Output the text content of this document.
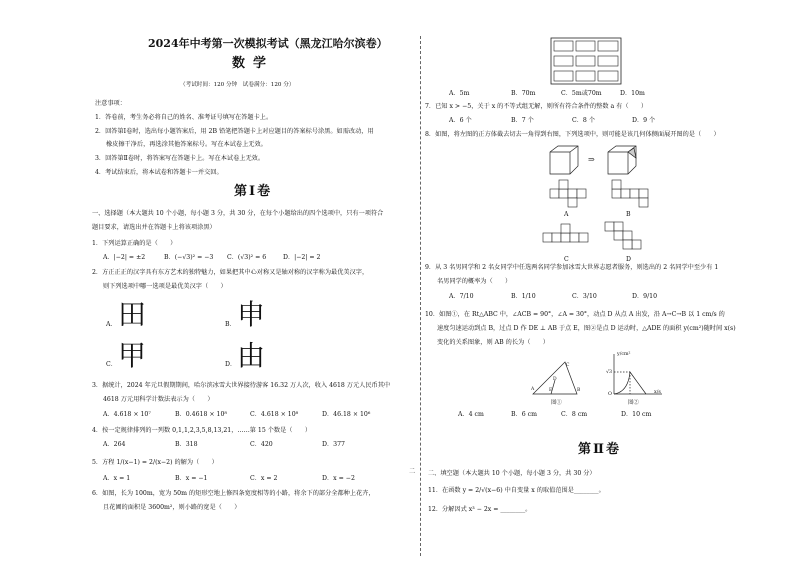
2024年中考第一次模拟考试（黑龙江哈尔滨卷）
数学
（考试时间：120 分钟　试卷满分：120 分）
注意事项：
1．答卷前，考生务必将自己的姓名、准考证号填写在答题卡上。
2．回答第Ⅰ卷时，选出每小题答案后，用 2B 铅笔把答题卡上对应题目的答案标号涂黑。如需改动，用
橡皮擦干净后，再选涂其他答案标号。写在本试卷上无效。
3．回答第Ⅱ卷时，将答案写在答题卡上。写在本试卷上无效。
4．考试结束后，将本试卷和答题卡一并交回。
第Ⅰ卷
一、选择题（本大题共 10 个小题，每小题 3 分，共 30 分，在每个小题给出的四个选项中，只有一项符合
题目要求，请选出并在答题卡上将该项涂黑）
1．下列运算正确的是（　　）
A．|−2| = ±2	B．(−√3)² = −3 C．(√3)² = 6	D．|−2| = 2
2．方正正正的汉字具有东方艺术的独特魅力，如果把其中心对称又是轴对称的汉字称为最优美汉字，
则下列选项中哪一选项是最优美汉字（　　）
A． 田	B． 申
C． 甲	D． 由
3．据统计，2024 年元旦假期期间，哈尔滨冰雪大世界接待游客 16.32 万人次，收入 4618 万元人民币其中
4618 万元用科学计数法表示为（　　）
A．4.618 × 10⁷	B．0.4618 × 10⁸	C．4.618 × 10⁸	D．46.18 × 10⁶
4．按一定规律排列的一列数 0,1,1,2,3,5,8,13,21，……第 15 个数是（　　）
A．264	B．318	C．420	D．377
5．方程 1/(x−1) = 2/(x−2) 的解为（　　）
A．x = 1	B．x = −1	C．x = 2	D．x = −2
6．如图，长为 100m，宽为 50m 的矩形空地上修四条宽度相等的小路，将余下的部分全都种上花卉，
且花圃的面积是 3600m²，则小路的宽是（　　）
二
A．5m	B．70m	C．5m或70m	D．10m
7．已知 x > −5，关于 x 的不等式组无解，则所有符合条件的整数 a 有（　　）
A．6 个	B．7 个	C．8 个	D．9 个
8．如图，将左图的正方体截去切去一角得到右图，下列选项中，则可能是该几何体侧面展开图的是（　　）
⇒
A	B
C	D
9．从 3 名男同学和 2 名女同学中任选两名同学参加冰雪大世界志愿者服务，则选出的 2 名同学中至少有 1
名男同学的概率为（　　）
A．7/10	B．1/10	C．3/10	D．9/10
10．如图①，在 Rt△ABC 中，∠ACB = 90°，∠A = 30°，动点 D 从点 A 出发，沿 A→C→B 以 1 cm/s 的
速度匀速运动到点 B，过点 D 作 DE ⊥ AB 于点 E，图②是点 D 运动时，△ADE 的面积 y(cm²)随时间 x(s)
变化的关系图象，则 AB 的长为（　　）
A	B
C
D
E
y/cm²
x/s
√3
O
图①	图②
A．4 cm	B．6 cm	C．8 cm	D．10 cm
第Ⅱ卷
二、填空题（本大题共 10 个小题，每小题 3 分，共 30 分）
11．在函数 y = 2/√(x−6) 中自变量 x 的取值范围是________。
12．分解因式 x³ − 2x = ________。
